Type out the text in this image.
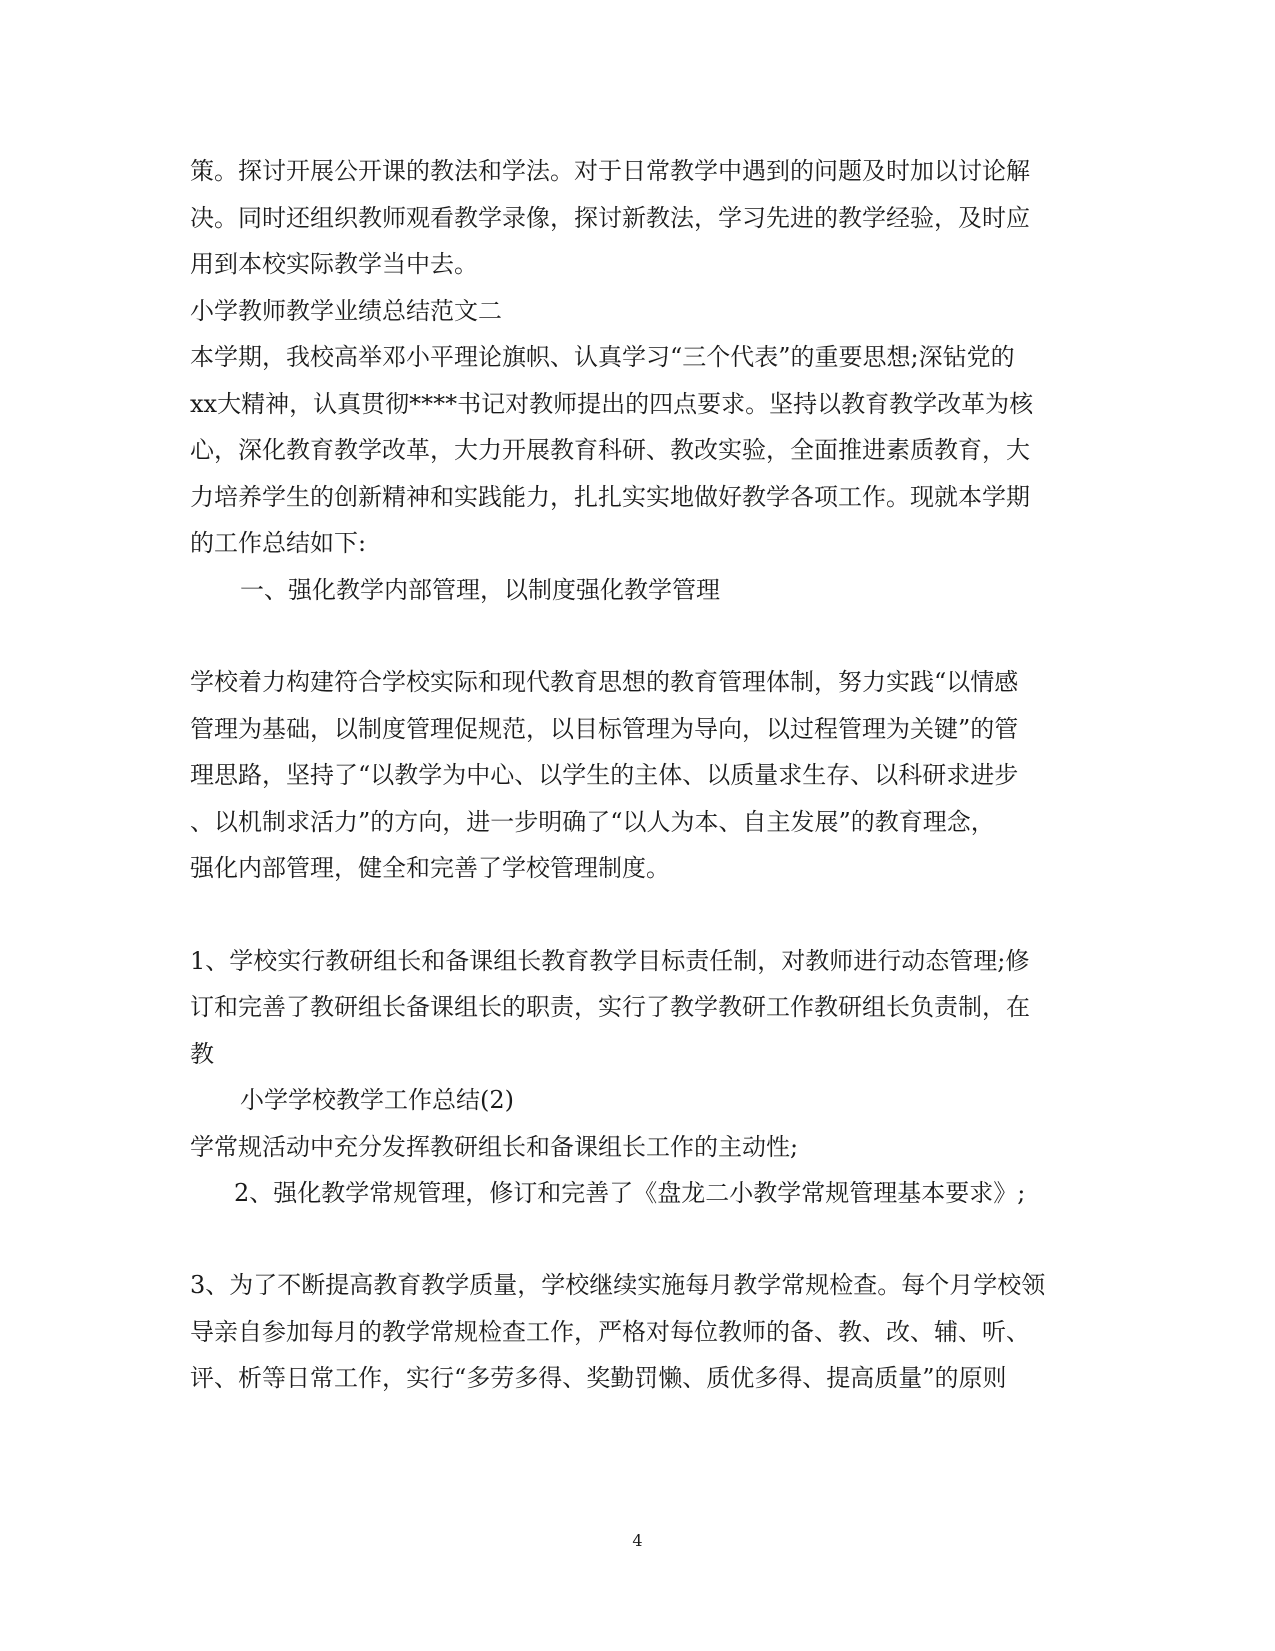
策。探讨开展公开课的教法和学法。对于日常教学中遇到的问题及时加以讨论解

决。同时还组织教师观看教学录像，探讨新教法，学习先进的教学经验，及时应

用到本校实际教学当中去。

小学教师教学业绩总结范文二

本学期，我校高举邓小平理论旗帜、认真学习“三个代表”的重要思想;深钻党的

xx大精神，认真贯彻****书记对教师提出的四点要求。坚持以教育教学改革为核

心，深化教育教学改革，大力开展教育科研、教改实验，全面推进素质教育，大

力培养学生的创新精神和实践能力，扎扎实实地做好教学各项工作。现就本学期

的工作总结如下:

一、强化教学内部管理，以制度强化教学管理

学校着力构建符合学校实际和现代教育思想的教育管理体制，努力实践“以情感

管理为基础，以制度管理促规范，以目标管理为导向，以过程管理为关键”的管

理思路，坚持了“以教学为中心、以学生的主体、以质量求生存、以科研求进步

、以机制求活力”的方向，进一步明确了“以人为本、自主发展”的教育理念，

强化内部管理，健全和完善了学校管理制度。

1、学校实行教研组长和备课组长教育教学目标责任制，对教师进行动态管理;修

订和完善了教研组长备课组长的职责，实行了教学教研工作教研组长负责制，在

教

小学学校教学工作总结(2)

学常规活动中充分发挥教研组长和备课组长工作的主动性;

2、强化教学常规管理，修订和完善了《盘龙二小教学常规管理基本要求》;

3、为了不断提高教育教学质量，学校继续实施每月教学常规检查。每个月学校领

导亲自参加每月的教学常规检查工作，严格对每位教师的备、教、改、辅、听、

评、析等日常工作，实行“多劳多得、奖勤罚懒、质优多得、提高质量”的原则

4
